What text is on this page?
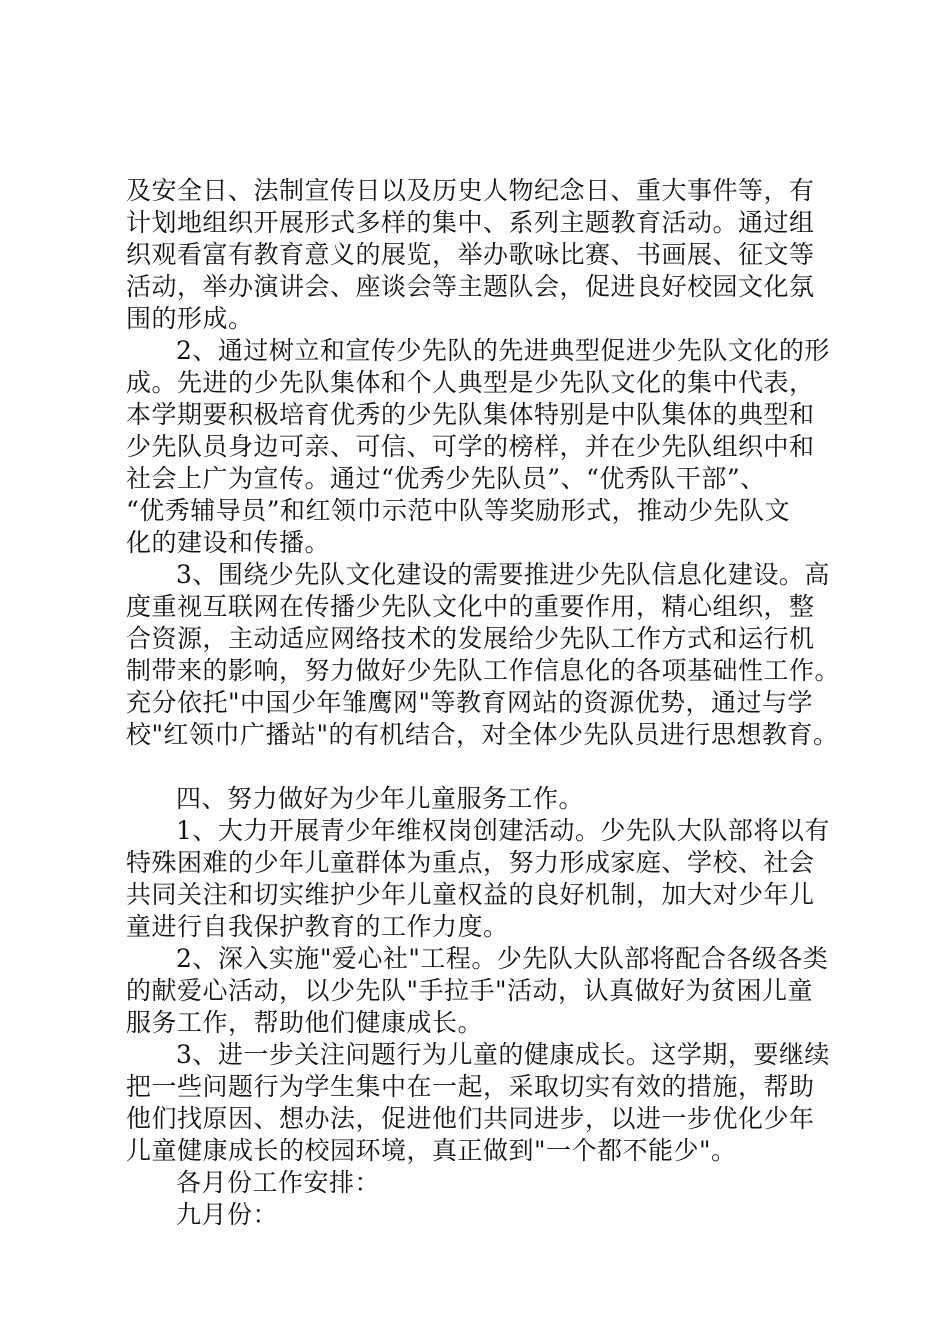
及安全日、法制宣传日以及历史人物纪念日、重大事件等，有
计划地组织开展形式多样的集中、系列主题教育活动。通过组
织观看富有教育意义的展览，举办歌咏比赛、书画展、征文等
活动，举办演讲会、座谈会等主题队会，促进良好校园文化氛
围的形成。
2、通过树立和宣传少先队的先进典型促进少先队文化的形
成。先进的少先队集体和个人典型是少先队文化的集中代表，
本学期要积极培育优秀的少先队集体特别是中队集体的典型和
少先队员身边可亲、可信、可学的榜样，并在少先队组织中和
社会上广为宣传。通过“优秀少先队员”、“优秀队干部”、
“优秀辅导员”和红领巾示范中队等奖励形式，推动少先队文
化的建设和传播。
3、围绕少先队文化建设的需要推进少先队信息化建设。高
度重视互联网在传播少先队文化中的重要作用，精心组织，整
合资源，主动适应网络技术的发展给少先队工作方式和运行机
制带来的影响，努力做好少先队工作信息化的各项基础性工作。
充分依托"中国少年雏鹰网"等教育网站的资源优势，通过与学
校"红领巾广播站"的有机结合，对全体少先队员进行思想教育。
四、努力做好为少年儿童服务工作。
1、大力开展青少年维权岗创建活动。少先队大队部将以有
特殊困难的少年儿童群体为重点，努力形成家庭、学校、社会
共同关注和切实维护少年儿童权益的良好机制，加大对少年儿
童进行自我保护教育的工作力度。
2、深入实施"爱心社"工程。少先队大队部将配合各级各类
的献爱心活动，以少先队"手拉手"活动，认真做好为贫困儿童
服务工作，帮助他们健康成长。
3、进一步关注问题行为儿童的健康成长。这学期，要继续
把一些问题行为学生集中在一起，采取切实有效的措施，帮助
他们找原因、想办法，促进他们共同进步，以进一步优化少年
儿童健康成长的校园环境，真正做到"一个都不能少"。
各月份工作安排：
九月份：
